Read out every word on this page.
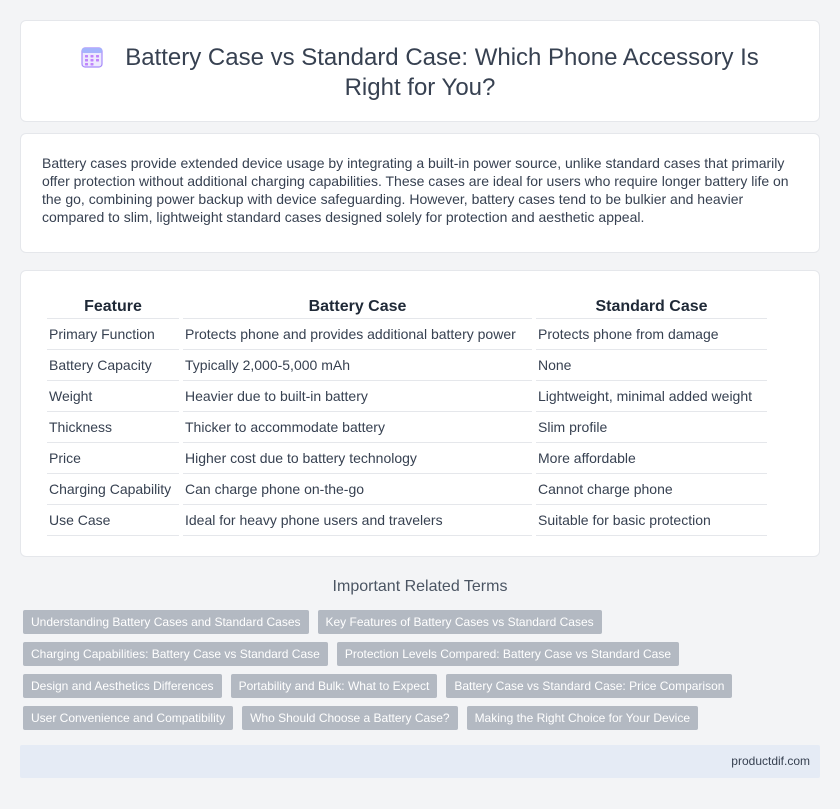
Battery Case vs Standard Case: Which Phone Accessory Is Right for You?

Battery cases provide extended device usage by integrating a built-in power source, unlike standard cases that primarily offer protection without additional charging capabilities. These cases are ideal for users who require longer battery life on the go, combining power backup with device safeguarding. However, battery cases tend to be bulkier and heavier compared to slim, lightweight standard cases designed solely for protection and aesthetic appeal.

Feature	Battery Case	Standard Case
Primary Function	Protects phone and provides additional battery power	Protects phone from damage
Battery Capacity	Typically 2,000-5,000 mAh	None
Weight	Heavier due to built-in battery	Lightweight, minimal added weight
Thickness	Thicker to accommodate battery	Slim profile
Price	Higher cost due to battery technology	More affordable
Charging Capability	Can charge phone on-the-go	Cannot charge phone
Use Case	Ideal for heavy phone users and travelers	Suitable for basic protection
Important Related Terms
Understanding Battery Cases and Standard Cases	Key Features of Battery Cases vs Standard Cases
Charging Capabilities: Battery Case vs Standard Case	Protection Levels Compared: Battery Case vs Standard Case
Design and Aesthetics Differences	Portability and Bulk: What to Expect	Battery Case vs Standard Case: Price Comparison
User Convenience and Compatibility	Who Should Choose a Battery Case?	Making the Right Choice for Your Device
productdif.com
